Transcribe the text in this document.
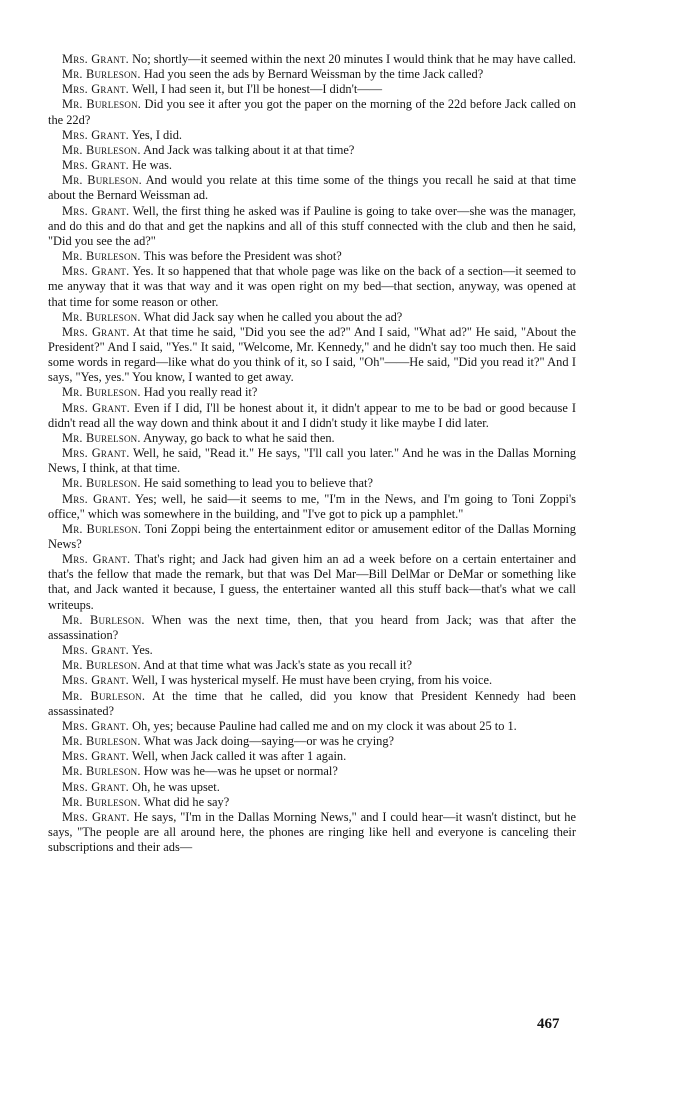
Mrs. Grant. No; shortly—it seemed within the next 20 minutes I would think that he may have called.

Mr. Burleson. Had you seen the ads by Bernard Weissman by the time Jack called?

Mrs. Grant. Well, I had seen it, but I'll be honest—I didn't——

Mr. Burleson. Did you see it after you got the paper on the morning of the 22d before Jack called on the 22d?

Mrs. Grant. Yes, I did.

Mr. Burleson. And Jack was talking about it at that time?

Mrs. Grant. He was.

Mr. Burleson. And would you relate at this time some of the things you recall he said at that time about the Bernard Weissman ad.

Mrs. Grant. Well, the first thing he asked was if Pauline is going to take over—she was the manager, and do this and do that and get the napkins and all of this stuff connected with the club and then he said, "Did you see the ad?"

Mr. Burleson. This was before the President was shot?

Mrs. Grant. Yes. It so happened that that whole page was like on the back of a section—it seemed to me anyway that it was that way and it was open right on my bed—that section, anyway, was opened at that time for some reason or other.

Mr. Burleson. What did Jack say when he called you about the ad?

Mrs. Grant. At that time he said, "Did you see the ad?" And I said, "What ad?" He said, "About the President?" And I said, "Yes." It said, "Welcome, Mr. Kennedy," and he didn't say too much then. He said some words in regard—like what do you think of it, so I said, "Oh"——He said, "Did you read it?" And I says, "Yes, yes." You know, I wanted to get away.

Mr. Burleson. Had you really read it?

Mrs. Grant. Even if I did, I'll be honest about it, it didn't appear to me to be bad or good because I didn't read all the way down and think about it and I didn't study it like maybe I did later.

Mr. Burelson. Anyway, go back to what he said then.

Mrs. Grant. Well, he said, "Read it." He says, "I'll call you later." And he was in the Dallas Morning News, I think, at that time.

Mr. Burleson. He said something to lead you to believe that?

Mrs. Grant. Yes; well, he said—it seems to me, "I'm in the News, and I'm going to Toni Zoppi's office," which was somewhere in the building, and "I've got to pick up a pamphlet."

Mr. Burleson. Toni Zoppi being the entertainment editor or amusement editor of the Dallas Morning News?

Mrs. Grant. That's right; and Jack had given him an ad a week before on a certain entertainer and that's the fellow that made the remark, but that was Del Mar—Bill DelMar or DeMar or something like that, and Jack wanted it because, I guess, the entertainer wanted all this stuff back—that's what we call writeups.

Mr. Burleson. When was the next time, then, that you heard from Jack; was that after the assassination?

Mrs. Grant. Yes.

Mr. Burleson. And at that time what was Jack's state as you recall it?

Mrs. Grant. Well, I was hysterical myself. He must have been crying, from his voice.

Mr. Burleson. At the time that he called, did you know that President Kennedy had been assassinated?

Mrs. Grant. Oh, yes; because Pauline had called me and on my clock it was about 25 to 1.

Mr. Burleson. What was Jack doing—saying—or was he crying?

Mrs. Grant. Well, when Jack called it was after 1 again.

Mr. Burleson. How was he—was he upset or normal?

Mrs. Grant. Oh, he was upset.

Mr. Burleson. What did he say?

Mrs. Grant. He says, "I'm in the Dallas Morning News," and I could hear—it wasn't distinct, but he says, "The people are all around here, the phones are ringing like hell and everyone is canceling their subscriptions and their ads—

467
